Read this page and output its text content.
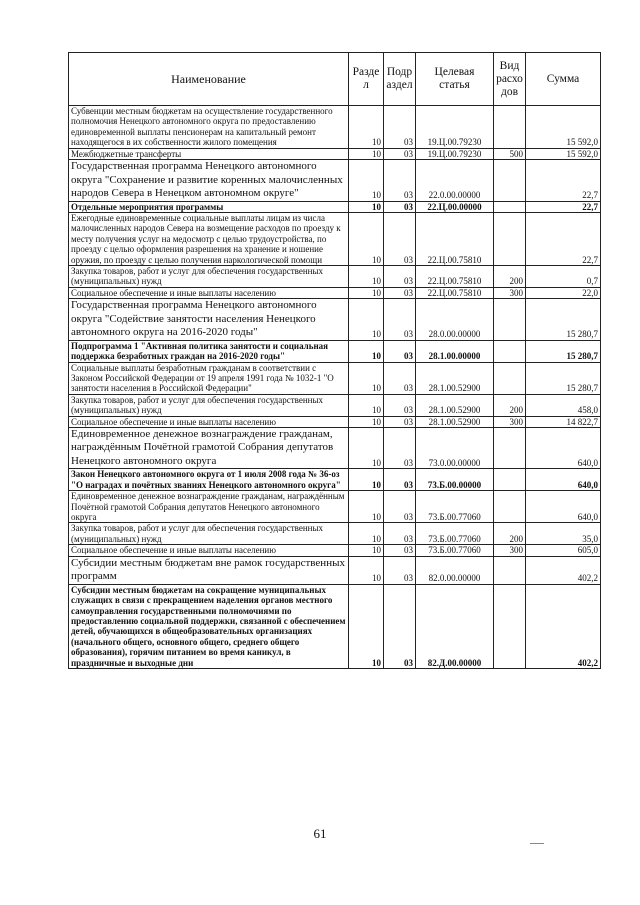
Наименование	Разде л	Подр аздел	Целевая статья	Вид расхо дов	Сумма
Субвенции местным бюджетам на осуществление государственного полномочия Ненецкого автономного округа по предоставлению единовременной выплаты пенсионерам на капитальный ремонт находящегося в их собственности жилого помещения	10	03	19.Ц.00.79230		15 592,0
Межбюджетные трансферты	10	03	19.Ц.00.79230	500	15 592,0
Государственная программа Ненецкого автономного округа "Сохранение и развитие коренных малочисленных народов Севера в Ненецком автономном округе"	10	03	22.0.00.00000		22,7
Отдельные мероприятия программы	10	03	22.Ц.00.00000		22,7
Ежегодные единовременные социальные выплаты лицам из числа малочисленных народов Севера на возмещение расходов по проезду к месту получения услуг на медосмотр с целью трудоустройства, по проезду с целью оформления разрешения на хранение и ношение оружия, по проезду с целью получения наркологической помощи	10	03	22.Ц.00.75810		22,7
Закупка товаров, работ и услуг для обеспечения государственных (муниципальных) нужд	10	03	22.Ц.00.75810	200	0,7
Социальное обеспечение и иные выплаты населению	10	03	22.Ц.00.75810	300	22,0
Государственная программа Ненецкого автономного округа "Содействие занятости населения Ненецкого автономного округа на 2016-2020 годы"	10	03	28.0.00.00000		15 280,7
Подпрограмма 1 "Активная политика занятости и социальная поддержка безработных граждан на 2016-2020 годы"	10	03	28.1.00.00000		15 280,7
Социальные выплаты безработным гражданам в соответствии с Законом Российской Федерации от 19 апреля 1991 года № 1032-1 "О занятости населения в Российской Федерации"	10	03	28.1.00.52900		15 280,7
Закупка товаров, работ и услуг для обеспечения государственных (муниципальных) нужд	10	03	28.1.00.52900	200	458,0
Социальное обеспечение и иные выплаты населению	10	03	28.1.00.52900	300	14 822,7
Единовременное денежное вознаграждение гражданам, награждённым Почётной грамотой Собрания депутатов Ненецкого автономного округа	10	03	73.0.00.00000		640,0
Закон Ненецкого автономного округа от 1 июля 2008 года № 36-оз "О наградах и почётных званиях Ненецкого автономного округа"	10	03	73.Б.00.00000		640,0
Единовременное денежное вознаграждение гражданам, награждённым Почётной грамотой Собрания депутатов Ненецкого автономного округа	10	03	73.Б.00.77060		640,0
Закупка товаров, работ и услуг для обеспечения государственных (муниципальных) нужд	10	03	73.Б.00.77060	200	35,0
Социальное обеспечение и иные выплаты населению	10	03	73.Б.00.77060	300	605,0
Субсидии местным бюджетам вне рамок государственных программ	10	03	82.0.00.00000		402,2
Субсидии местным бюджетам на сокращение муниципальных служащих в связи с прекращением наделения органов местного самоуправления государственными полномочиями по предоставлению социальной поддержки, связанной с обеспечением детей, обучающихся в общеобразовательных организациях (начального общего, основного общего, среднего общего образования), горячим питанием во время каникул, в праздничные и выходные дни	10	03	82.Д.00.00000		402,2
61
